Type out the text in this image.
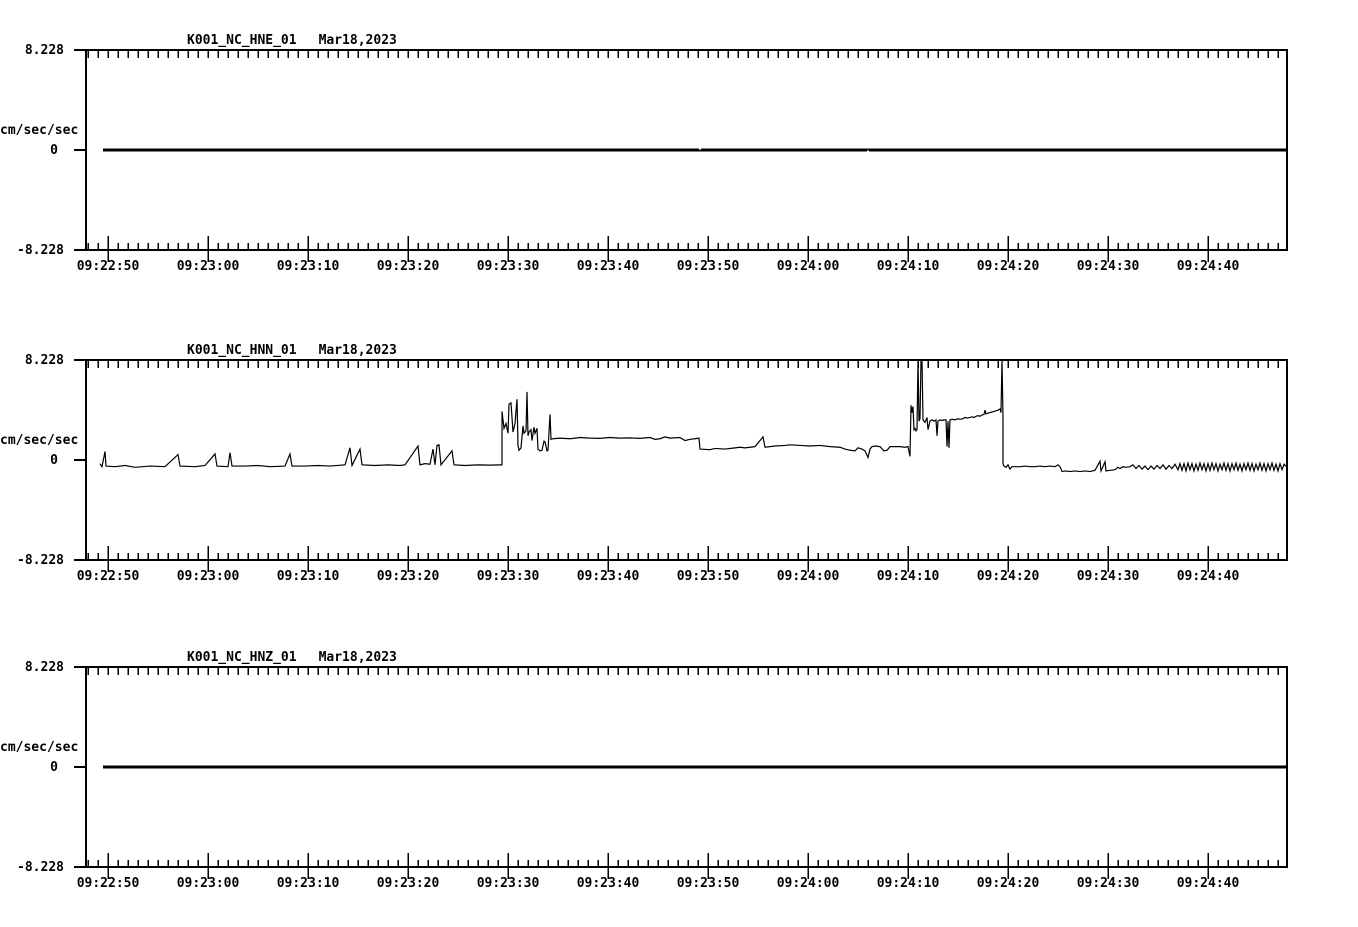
K001_NC_HNE_01 Mar18,2023
8.228
cm/sec/sec
0
-8.228
09:22:50	09:23:00	09:23:10	09:23:20	09:23:30	09:23:40	09:23:50	09:24:00	09:24:10	09:24:20	09:24:30	09:24:40
K001_NC_HNN_01 Mar18,2023
8.228
cm/sec/sec
0
-8.228
09:22:50	09:23:00	09:23:10	09:23:20	09:23:30	09:23:40	09:23:50	09:24:00	09:24:10	09:24:20	09:24:30	09:24:40
K001_NC_HNZ_01 Mar18,2023
8.228
cm/sec/sec
0
-8.228
09:22:50	09:23:00	09:23:10	09:23:20	09:23:30	09:23:40	09:23:50	09:24:00	09:24:10	09:24:20	09:24:30	09:24:40
